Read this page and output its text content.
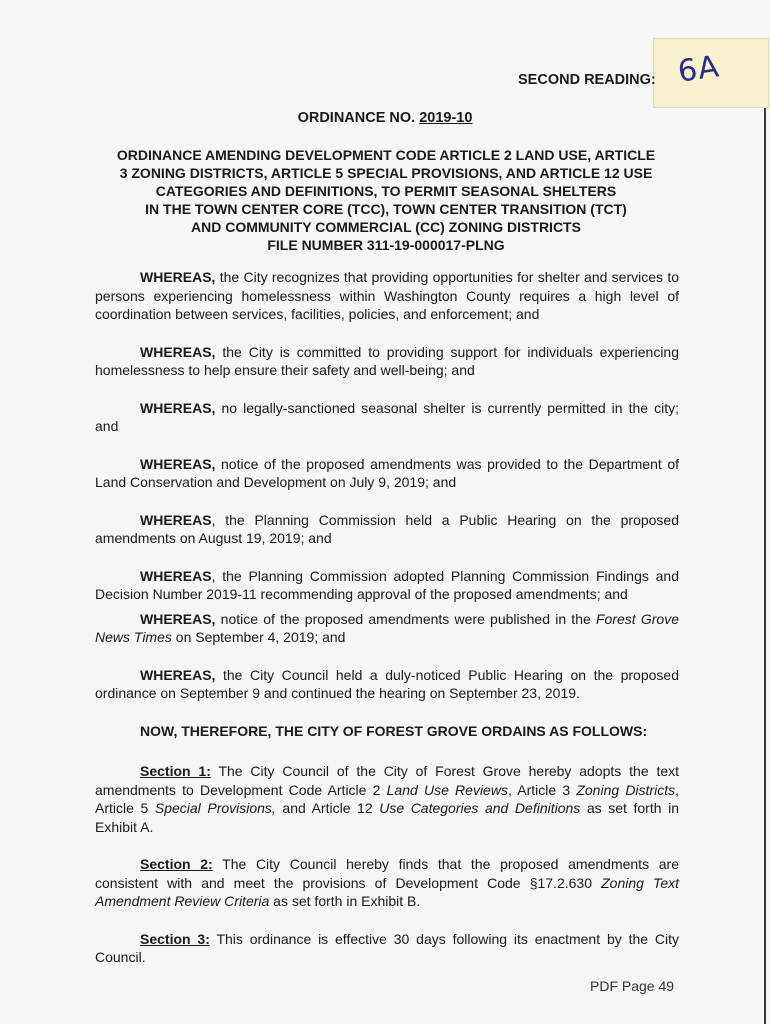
6A
SECOND READING:
ORDINANCE NO. 2019-10
ORDINANCE AMENDING DEVELOPMENT CODE ARTICLE 2 LAND USE, ARTICLE
3 ZONING DISTRICTS, ARTICLE 5 SPECIAL PROVISIONS, AND ARTICLE 12 USE
CATEGORIES AND DEFINITIONS, TO PERMIT SEASONAL SHELTERS
IN THE TOWN CENTER CORE (TCC), TOWN CENTER TRANSITION (TCT)
AND COMMUNITY COMMERCIAL (CC) ZONING DISTRICTS
FILE NUMBER 311-19-000017-PLNG

WHEREAS, the City recognizes that providing opportunities for shelter and services to persons experiencing homelessness within Washington County requires a high level of coordination between services, facilities, policies, and enforcement; and

WHEREAS, the City is committed to providing support for individuals experiencing homelessness to help ensure their safety and well-being; and

WHEREAS, no legally-sanctioned seasonal shelter is currently permitted in the city; and

WHEREAS, notice of the proposed amendments was provided to the Department of Land Conservation and Development on July 9, 2019; and

WHEREAS, the Planning Commission held a Public Hearing on the proposed amendments on August 19, 2019; and

WHEREAS, the Planning Commission adopted Planning Commission Findings and Decision Number 2019-11 recommending approval of the proposed amendments; and

WHEREAS, notice of the proposed amendments were published in the Forest Grove News Times on September 4, 2019; and

WHEREAS, the City Council held a duly-noticed Public Hearing on the proposed ordinance on September 9 and continued the hearing on September 23, 2019.

NOW, THEREFORE, THE CITY OF FOREST GROVE ORDAINS AS FOLLOWS:

Section 1: The City Council of the City of Forest Grove hereby adopts the text amendments to Development Code Article 2 Land Use Reviews, Article 3 Zoning Districts, Article 5 Special Provisions, and Article 12 Use Categories and Definitions as set forth in Exhibit A.

Section 2: The City Council hereby finds that the proposed amendments are consistent with and meet the provisions of Development Code §17.2.630 Zoning Text Amendment Review Criteria as set forth in Exhibit B.

Section 3: This ordinance is effective 30 days following its enactment by the City Council.

PDF Page 49
